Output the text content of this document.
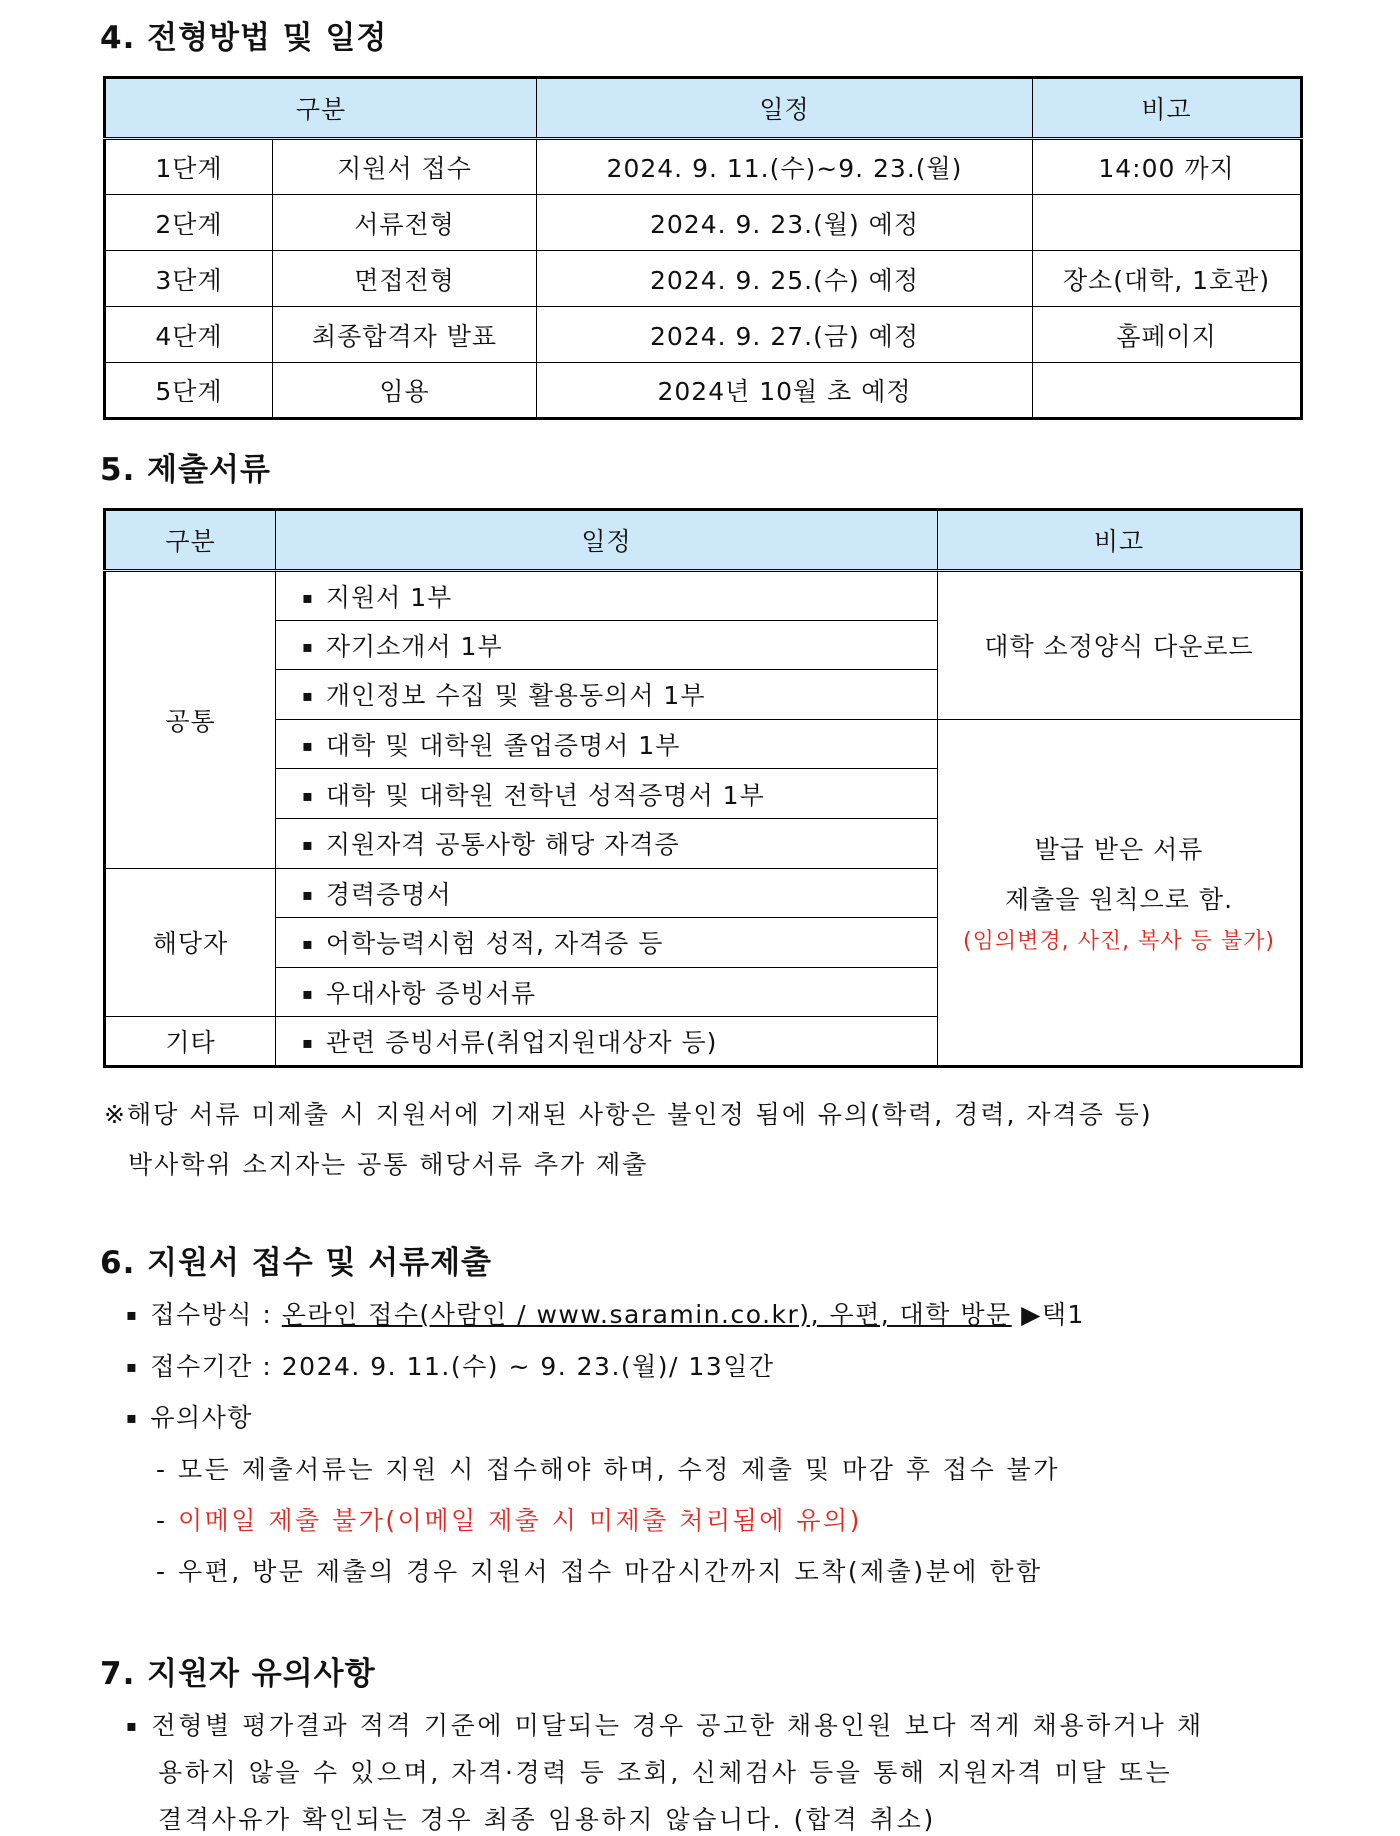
4. 전형방법 및 일정
구분		일정	비고
1단계	지원서 접수	2024. 9. 11.(수)~9. 23.(월)	14:00 까지
2단계	서류전형	2024. 9. 23.(월) 예정	
3단계	면접전형	2024. 9. 25.(수) 예정	장소(대학, 1호관)
4단계	최종합격자 발표	2024. 9. 27.(금) 예정	홈페이지
5단계	임용	2024년 10월 초 예정	
5. 제출서류
구분	일정	비고
공통	▪ 지원서 1부	대학 소정양식 다운로드
	▪ 자기소개서 1부	
	▪ 개인정보 수집 및 활용동의서 1부	
	▪ 대학 및 대학원 졸업증명서 1부	발급 받은 서류
제출을 원칙으로 함.
(임의변경, 사진, 복사 등 불가)

	▪ 대학 및 대학원 전학년 성적증명서 1부	
	▪ 지원자격 공통사항 해당 자격증	
해당자	▪ 경력증명서	
	▪ 어학능력시험 성적, 자격증 등	
	▪ 우대사항 증빙서류	
기타	▪ 관련 증빙서류(취업지원대상자 등)	
※해당 서류 미제출 시 지원서에 기재된 사항은 불인정 됨에 유의(학력, 경력, 자격증 등)
박사학위 소지자는 공통 해당서류 추가 제출
6. 지원서 접수 및 서류제출
▪ 접수방식 : 온라인 접수(사람인 / www.saramin.co.kr), 우편, 대학 방문 ▶택1
▪ 접수기간 : 2024. 9. 11.(수) ~ 9. 23.(월)/ 13일간
▪ 유의사항
- 모든 제출서류는 지원 시 접수해야 하며, 수정 제출 및 마감 후 접수 불가
- 이메일 제출 불가(이메일 제출 시 미제출 처리됨에 유의)
- 우편, 방문 제출의 경우 지원서 접수 마감시간까지 도착(제출)분에 한함
7. 지원자 유의사항
▪ 전형별 평가결과 적격 기준에 미달되는 경우 공고한 채용인원 보다 적게 채용하거나 채
용하지 않을 수 있으며, 자격·경력 등 조회, 신체검사 등을 통해 지원자격 미달 또는
결격사유가 확인되는 경우 최종 임용하지 않습니다. (합격 취소)
